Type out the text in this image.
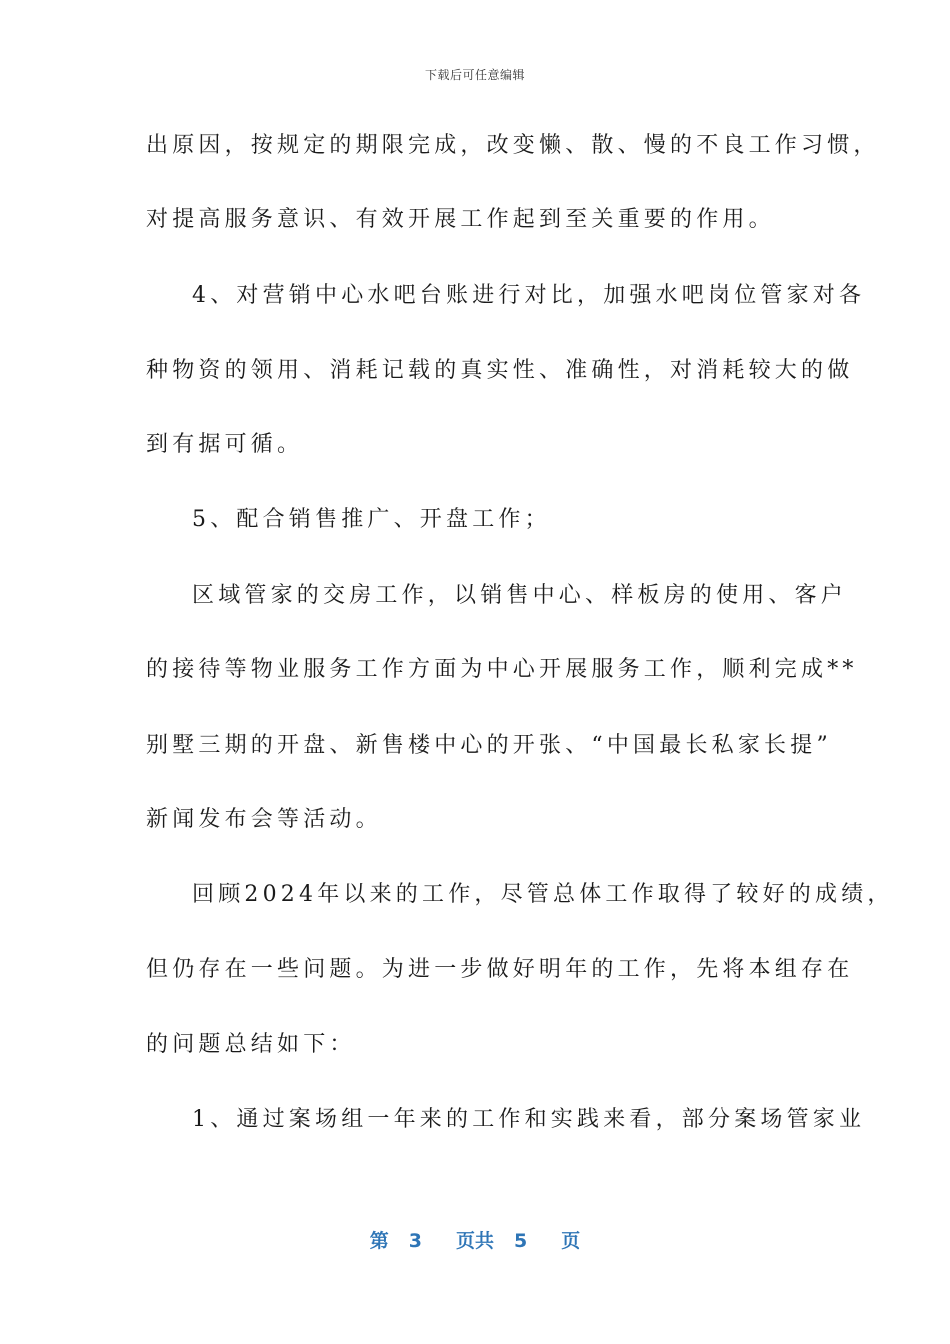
下载后可任意编辑
出原因，按规定的期限完成，改变懒、散、慢的不良工作习惯，
对提高服务意识、有效开展工作起到至关重要的作用。
4、对营销中心水吧台账进行对比，加强水吧岗位管家对各
种物资的领用、消耗记载的真实性、准确性，对消耗较大的做
到有据可循。
5、配合销售推广、开盘工作；
区域管家的交房工作，以销售中心、样板房的使用、客户
的接待等物业服务工作方面为中心开展服务工作，顺利完成**
别墅三期的开盘、新售楼中心的开张、“中国最长私家长提”
新闻发布会等活动。
回顾2024年以来的工作，尽管总体工作取得了较好的成绩，
但仍存在一些问题。为进一步做好明年的工作，先将本组存在
的问题总结如下：
1、通过案场组一年来的工作和实践来看，部分案场管家业
第 3 页共 5 页
